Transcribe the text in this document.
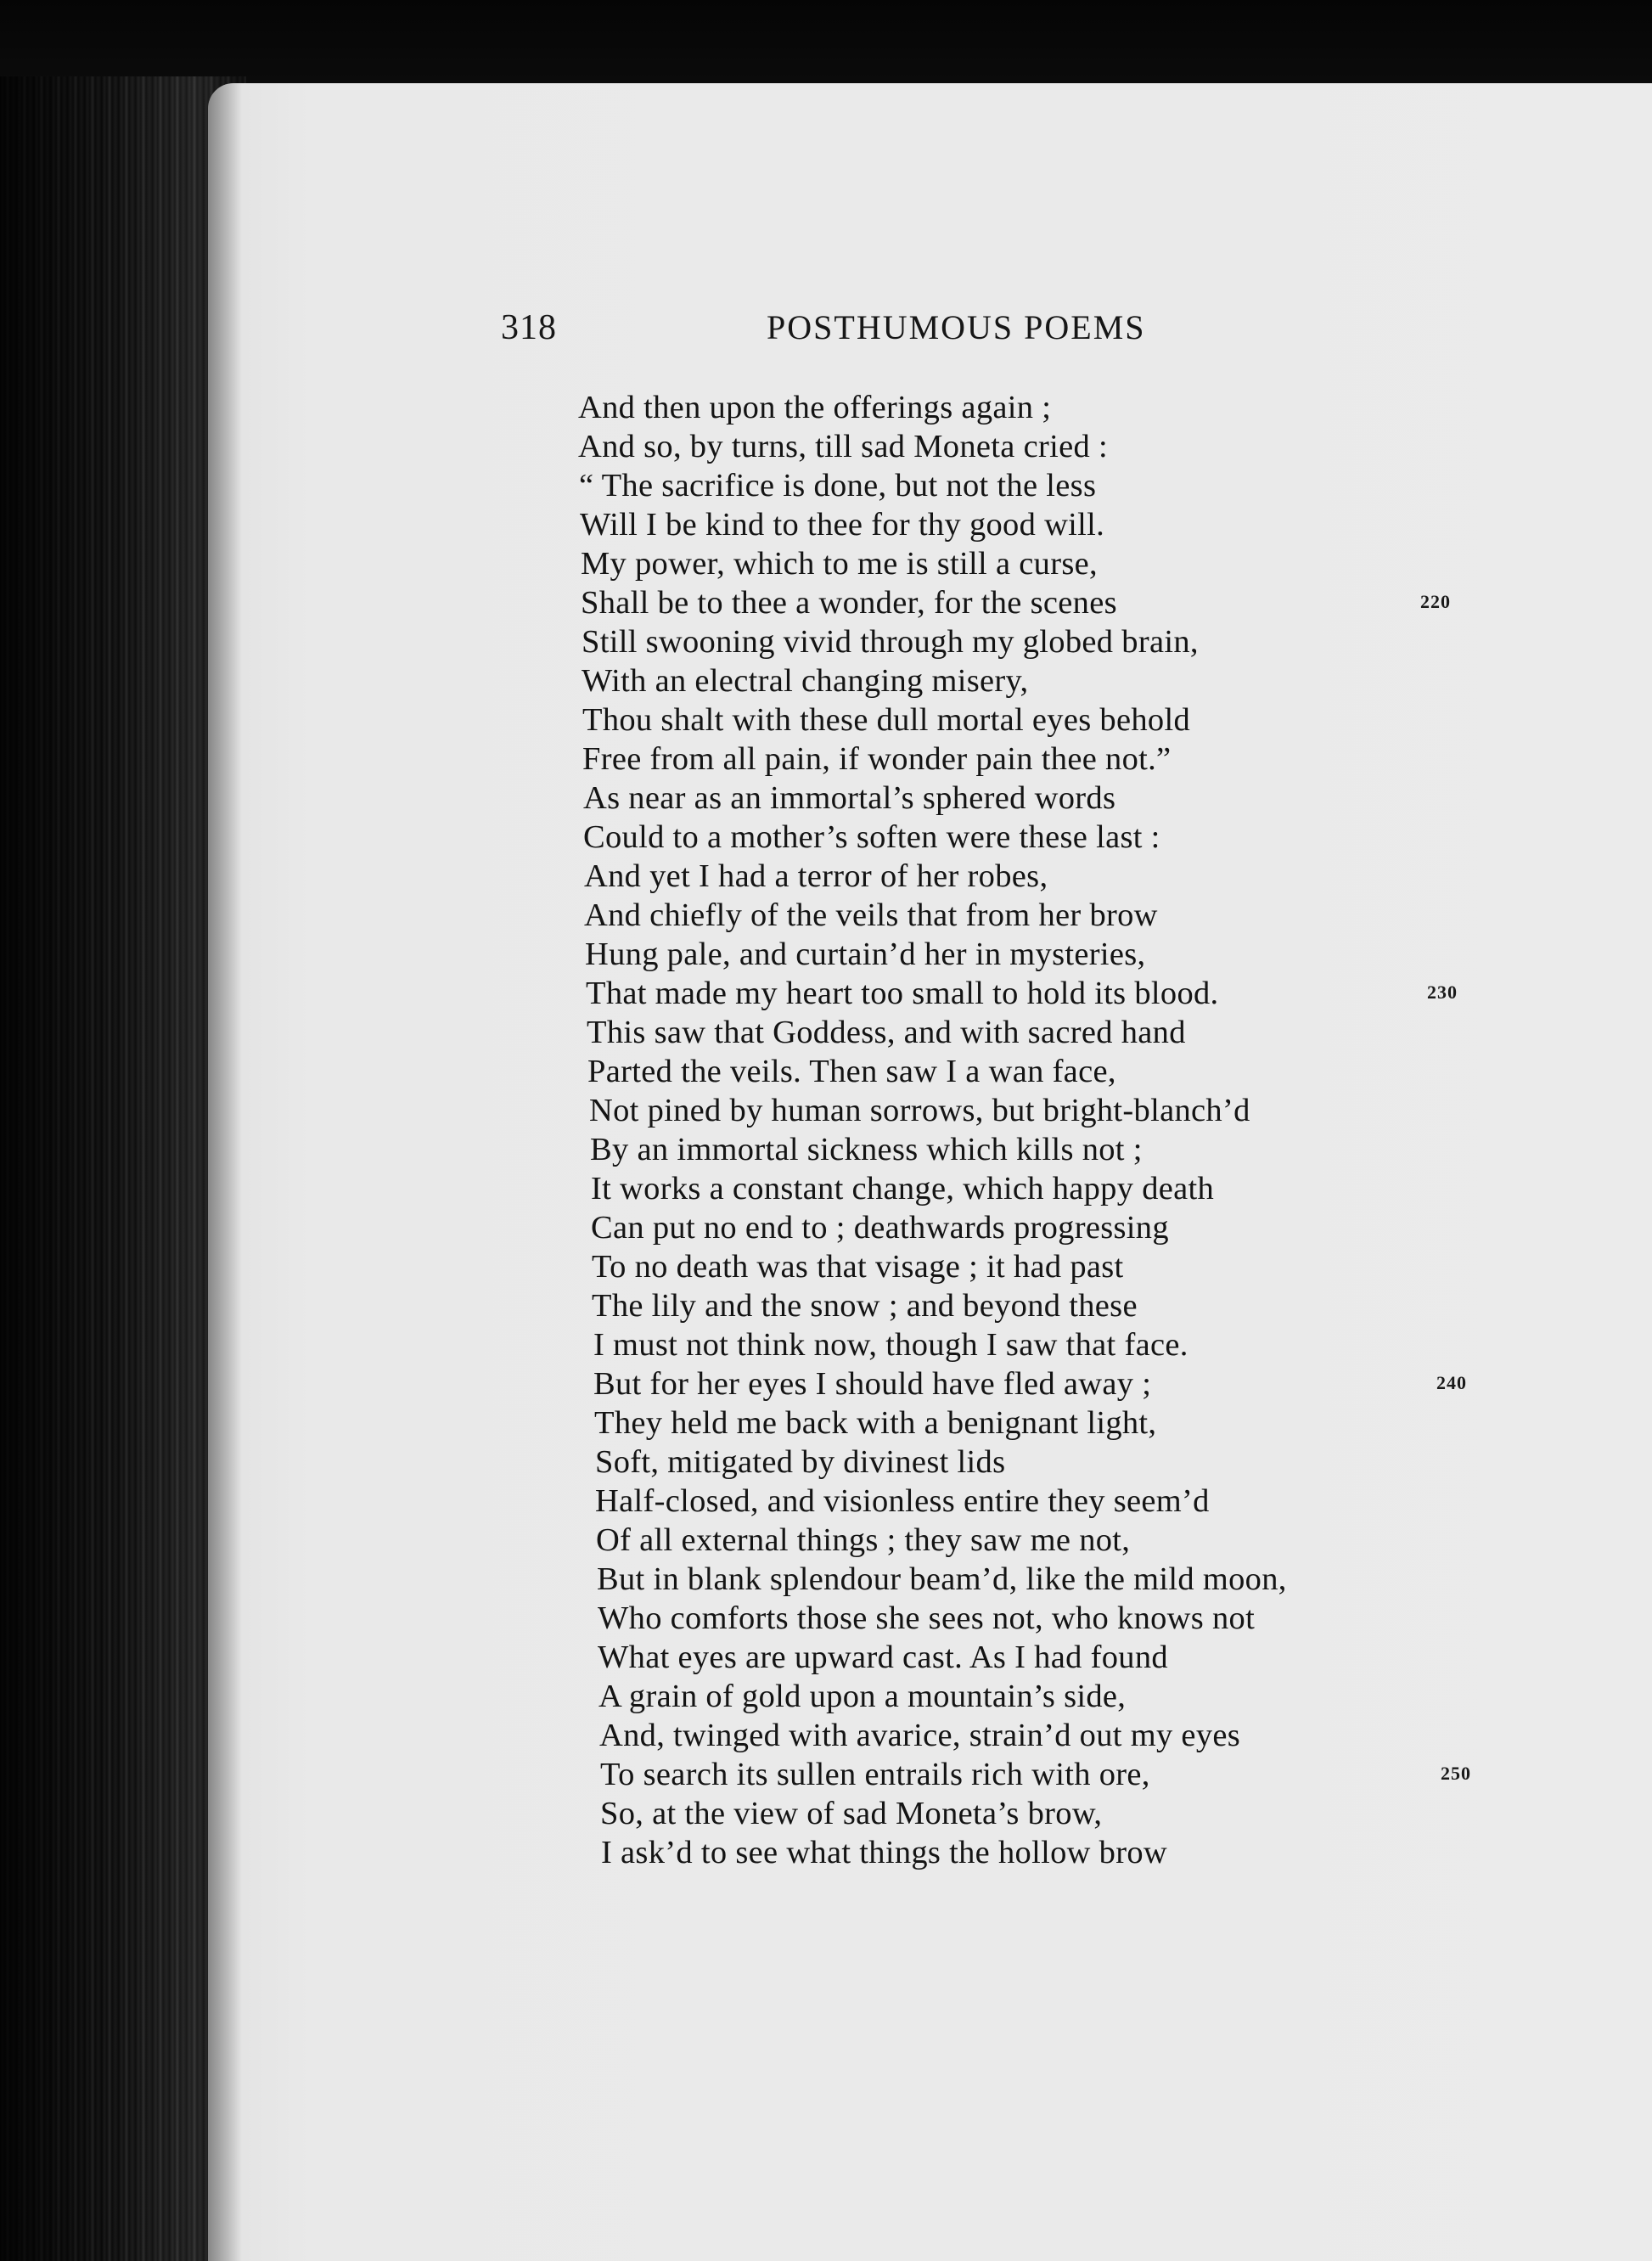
318	POSTHUMOUS POEMS
And then upon the offerings again ;
And so, by turns, till sad Moneta cried :
“ The sacrifice is done, but not the less
Will I be kind to thee for thy good will.
My power, which to me is still a curse,
Shall be to thee a wonder, for the scenes
Still swooning vivid through my globed brain,
With an electral changing misery,
Thou shalt with these dull mortal eyes behold
Free from all pain, if wonder pain thee not.”
As near as an immortal’s sphered words
Could to a mother’s soften were these last :
And yet I had a terror of her robes,
And chiefly of the veils that from her brow
Hung pale, and curtain’d her in mysteries,
That made my heart too small to hold its blood.
This saw that Goddess, and with sacred hand
Parted the veils. Then saw I a wan face,
Not pined by human sorrows, but bright-blanch’d
By an immortal sickness which kills not ;
It works a constant change, which happy death
Can put no end to ; deathwards progressing
To no death was that visage ; it had past
The lily and the snow ; and beyond these
I must not think now, though I saw that face.
But for her eyes I should have fled away ;
They held me back with a benignant light,
Soft, mitigated by divinest lids
Half-closed, and visionless entire they seem’d
Of all external things ; they saw me not,
But in blank splendour beam’d, like the mild moon,
Who comforts those she sees not, who knows not
What eyes are upward cast. As I had found
A grain of gold upon a mountain’s side,
And, twinged with avarice, strain’d out my eyes
To search its sullen entrails rich with ore,
So, at the view of sad Moneta’s brow,
I ask’d to see what things the hollow brow
220
230
240
250
